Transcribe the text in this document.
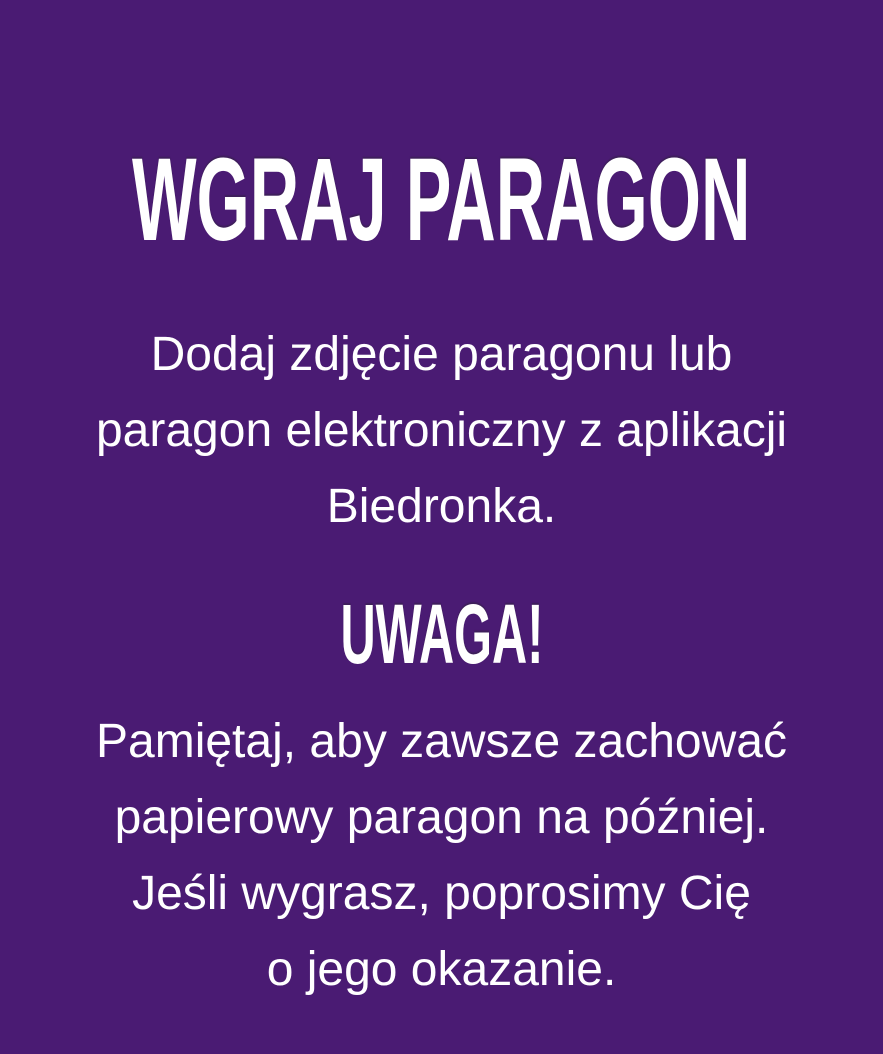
WGRAJ PARAGON

Dodaj zdjęcie paragonu lub
paragon elektroniczny z aplikacji
Biedronka.

UWAGA!

Pamiętaj, aby zawsze zachować
papierowy paragon na później.
Jeśli wygrasz, poprosimy Cię
o jego okazanie.
